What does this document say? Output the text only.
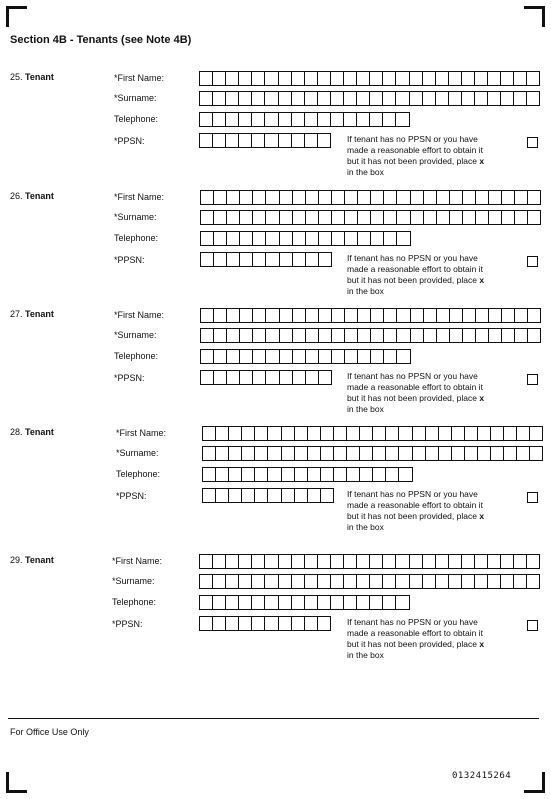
Section 4B - Tenants (see Note 4B)
25. Tenant	*First Name:
*Surname:
Telephone:
*PPSN:	If tenant has no PPSN or you have
made a reasonable effort to obtain it
but it has not been provided, place x
in the box
26. Tenant	*First Name:
*Surname:
Telephone:
*PPSN:	If tenant has no PPSN or you have
made a reasonable effort to obtain it
but it has not been provided, place x
in the box
27. Tenant	*First Name:
*Surname:
Telephone:
*PPSN:	If tenant has no PPSN or you have
made a reasonable effort to obtain it
but it has not been provided, place x
in the box
28. Tenant	*First Name:
*Surname:
Telephone:
*PPSN:	If tenant has no PPSN or you have
made a reasonable effort to obtain it
but it has not been provided, place x
in the box
29. Tenant	*First Name:
*Surname:
Telephone:
*PPSN:	If tenant has no PPSN or you have
made a reasonable effort to obtain it
but it has not been provided, place x
in the box
For Office Use Only
0132415264
